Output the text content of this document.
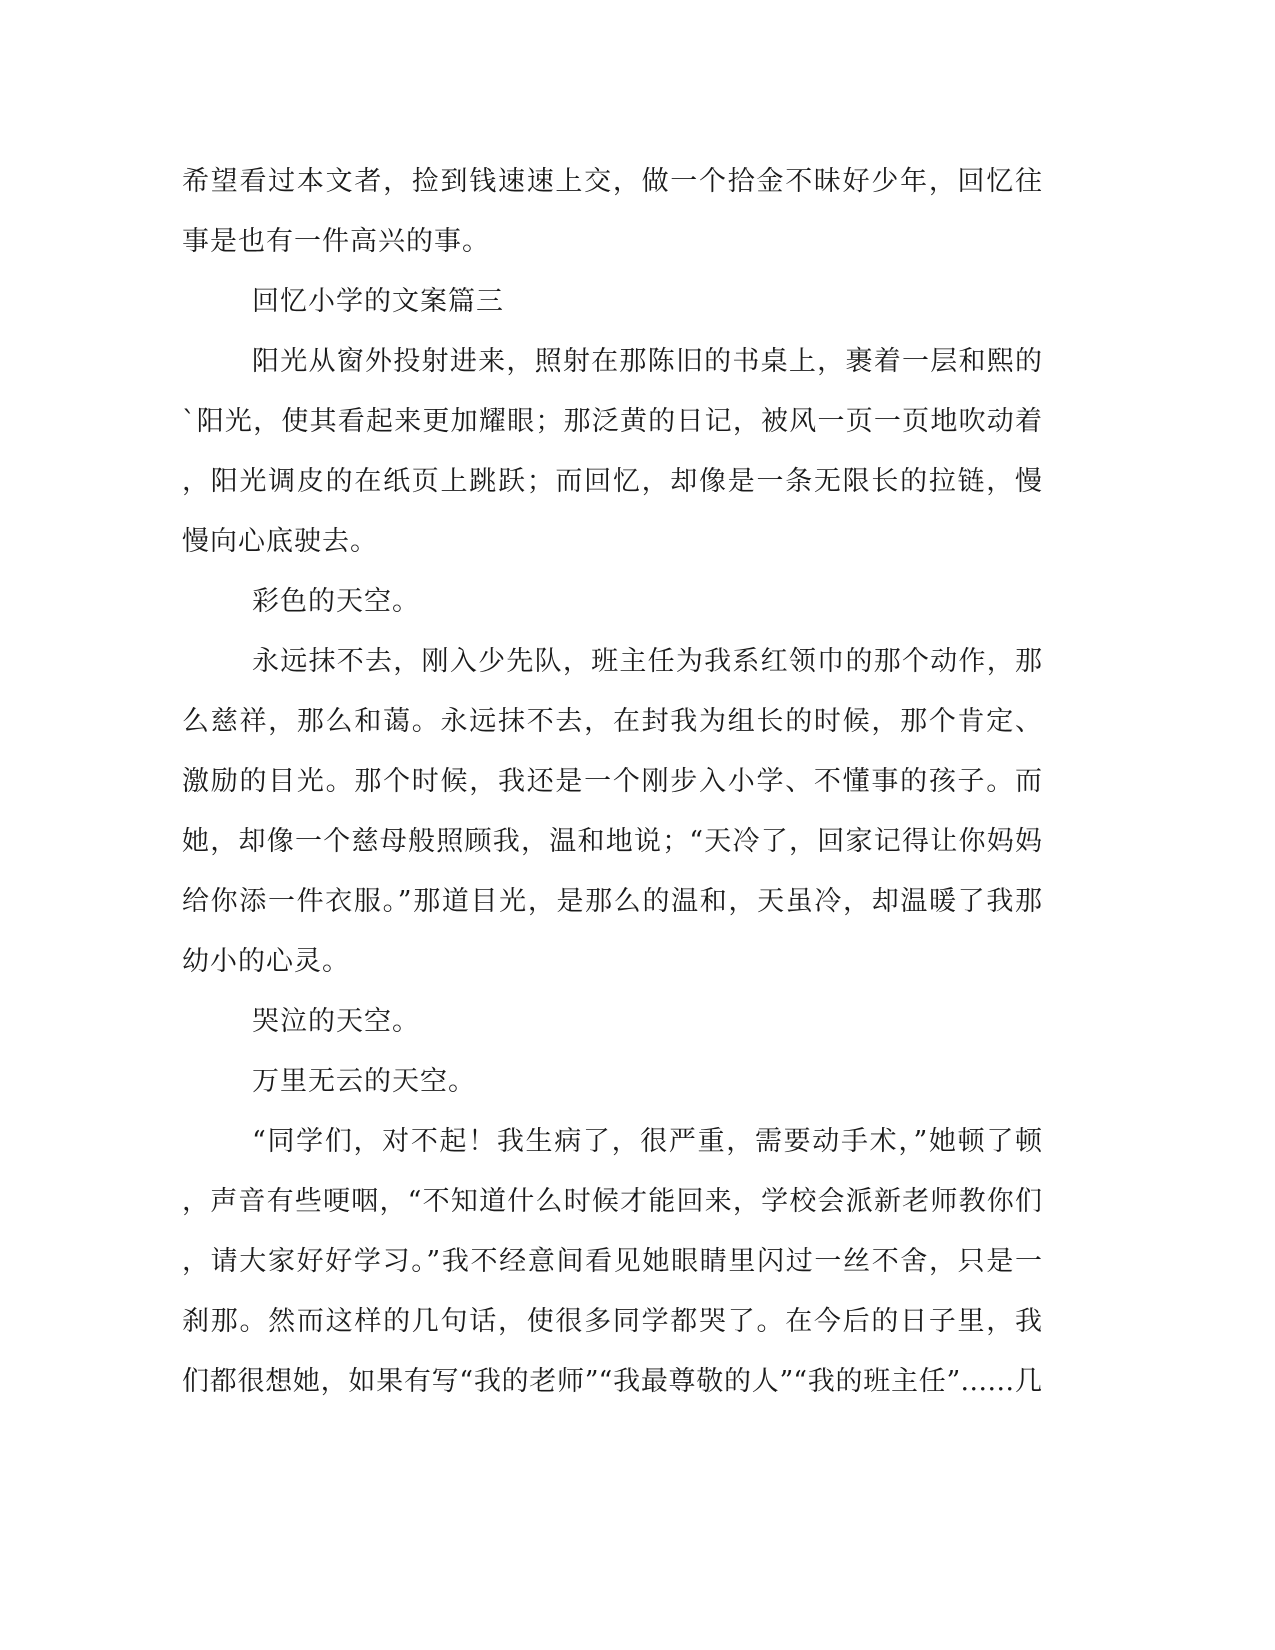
希望看过本文者，捡到钱速速上交，做一个拾金不昧好少年，回忆往
事是也有一件高兴的事。
回忆小学的文案篇三
阳光从窗外投射进来，照射在那陈旧的书桌上，裹着一层和熙的
`阳光，使其看起来更加耀眼；那泛黄的日记，被风一页一页地吹动着
，阳光调皮的在纸页上跳跃；而回忆，却像是一条无限长的拉链，慢
慢向心底驶去。
彩色的天空。
永远抹不去，刚入少先队，班主任为我系红领巾的那个动作，那
么慈祥，那么和蔼。永远抹不去，在封我为组长的时候，那个肯定、
激励的目光。那个时候，我还是一个刚步入小学、不懂事的孩子。而
她，却像一个慈母般照顾我，温和地说；“天冷了，回家记得让你妈妈
给你添一件衣服。”那道目光，是那么的温和，天虽冷，却温暖了我那
幼小的心灵。
哭泣的天空。
万里无云的天空。
“同学们，对不起！我生病了，很严重，需要动手术，”她顿了顿
，声音有些哽咽，“不知道什么时候才能回来，学校会派新老师教你们
，请大家好好学习。”我不经意间看见她眼睛里闪过一丝不舍，只是一
刹那。然而这样的几句话，使很多同学都哭了。在今后的日子里，我
们都很想她，如果有写“我的老师”“我最尊敬的人”“我的班主任”……几
